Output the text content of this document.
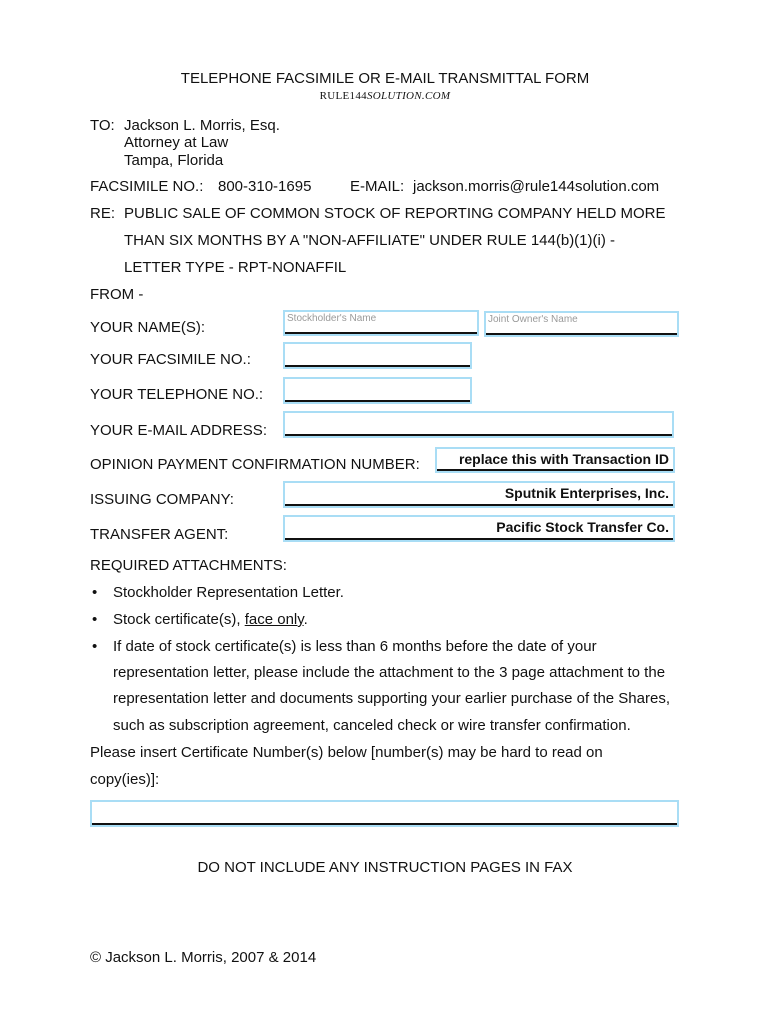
TELEPHONE FACSIMILE OR E-MAIL TRANSMITTAL FORM
RULE144SOLUTION.COM
TO: Jackson L. Morris, Esq.
Attorney at Law
Tampa, Florida
FACSIMILE NO.: 800-310-1695	E-MAIL: jackson.morris@rule144solution.com
RE: PUBLIC SALE OF COMMON STOCK OF REPORTING COMPANY HELD MORE
THAN SIX MONTHS BY A "NON-AFFILIATE" UNDER RULE 144(b)(1)(i) -
LETTER TYPE - RPT-NONAFFIL
FROM -
YOUR NAME(S):
Stockholder's Name	Joint Owner's Name
YOUR FACSIMILE NO.:
YOUR TELEPHONE NO.:
YOUR E-MAIL ADDRESS:
OPINION PAYMENT CONFIRMATION NUMBER:	replace this with Transaction ID
ISSUING COMPANY:	Sputnik Enterprises, Inc.
TRANSFER AGENT:	Pacific Stock Transfer Co.
REQUIRED ATTACHMENTS:
• Stockholder Representation Letter.
• Stock certificate(s), face only.
• If date of stock certificate(s) is less than 6 months before the date of your
representation letter, please include the attachment to the 3 page attachment to the
representation letter and documents supporting your earlier purchase of the Shares,
such as subscription agreement, canceled check or wire transfer confirmation.
Please insert Certificate Number(s) below [number(s) may be hard to read on
copy(ies)]:
DO NOT INCLUDE ANY INSTRUCTION PAGES IN FAX
© Jackson L. Morris, 2007 & 2014
